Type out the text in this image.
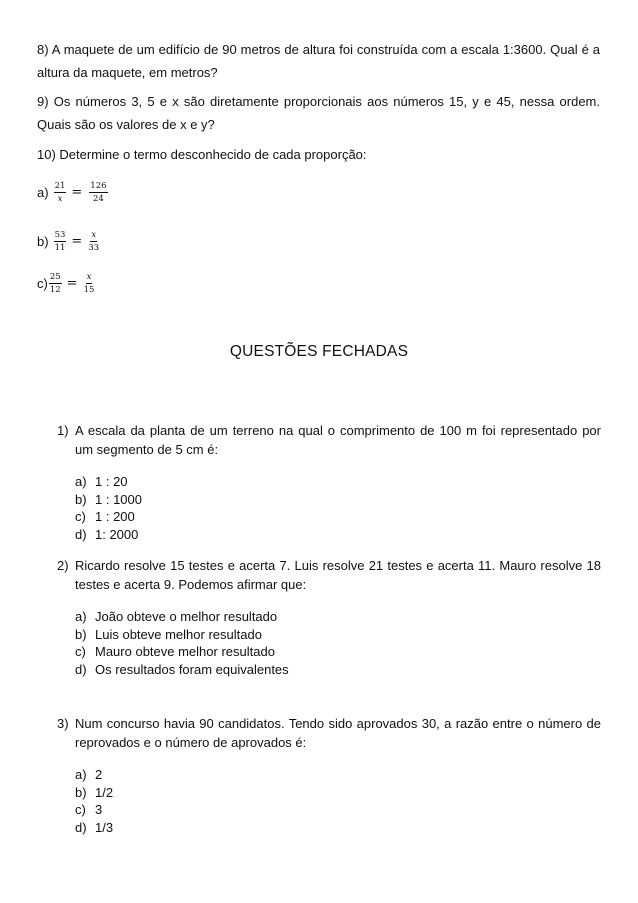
8) A maquete de um edifício de 90 metros de altura foi construída com a escala 1:3600. Qual é a altura da maquete, em metros?
9) Os números 3, 5 e x são diretamente proporcionais aos números 15, y e 45, nessa ordem. Quais são os valores de x e y?
10) Determine o termo desconhecido de cada proporção:
$a) \frac{21}{x} = \frac{126}{24}$
$b) \frac{53}{11} = \frac{x}{33}$
$c) \frac{25}{12} = \frac{x}{15}$
QUESTÕES FECHADAS
1) A escala da planta de um terreno na qual o comprimento de 100 m foi representado por um segmento de 5 cm é:
a) 1 : 20
b) 1 : 1000
c) 1 : 200
d) 1: 2000
2) Ricardo resolve 15 testes e acerta 7. Luis resolve 21 testes e acerta 11. Mauro resolve 18 testes e acerta 9. Podemos afirmar que:
a) João obteve o melhor resultado
b) Luis obteve melhor resultado
c) Mauro obteve melhor resultado
d) Os resultados foram equivalentes
3) Num concurso havia 90 candidatos. Tendo sido aprovados 30, a razão entre o número de reprovados e o número de aprovados é:
a) 2
b) 1/2
c) 3
d) 1/3
